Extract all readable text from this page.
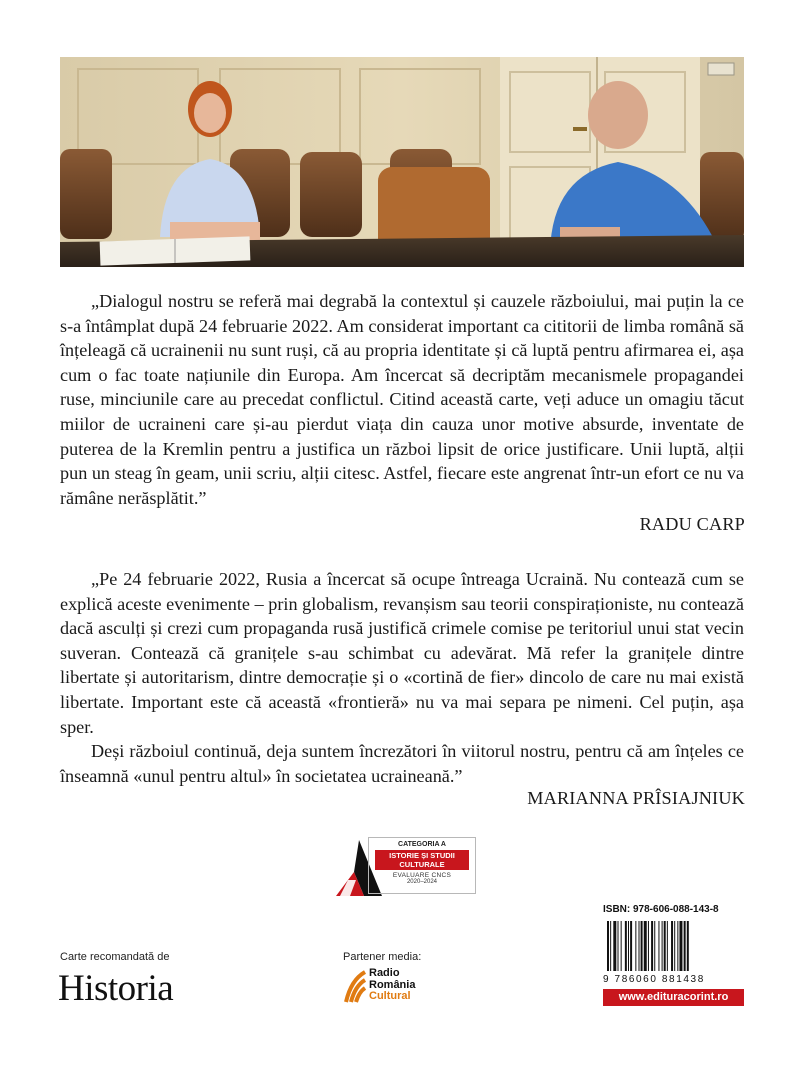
„Dialogul nostru se referă mai degrabă la contextul și cauzele războiului, mai puțin la ce s-a întâmplat după 24 februarie 2022. Am considerat important ca cititorii de limba română să înțeleagă că ucrainenii nu sunt ruși, că au propria identitate și că luptă pentru afirmarea ei, așa cum o fac toate națiunile din Europa. Am încercat să decriptăm mecanismele propagandei ruse, minciunile care au precedat conflictul. Citind această carte, veți aduce un omagiu tăcut miilor de ucraineni care și-au pierdut viața din cauza unor motive absurde, inventate de puterea de la Kremlin pentru a justifica un război lipsit de orice justificare. Unii luptă, alții pun un steag în geam, unii scriu, alții citesc. Astfel, fiecare este angrenat într-un efort ce nu va rămâne nerăsplătit.”

RADU CARP

„Pe 24 februarie 2022, Rusia a încercat să ocupe întreaga Ucraină. Nu contează cum se explică aceste evenimente – prin globalism, revanșism sau teorii conspiraționiste, nu contează dacă asculți și crezi cum propaganda rusă justifică crimele comise pe teritoriul unui stat vecin suveran. Contează că granițele s-au schimbat cu adevărat. Mă refer la granițele dintre libertate și autoritarism, dintre democrație și o «cortină de fier» dincolo de care nu mai există libertate. Important este că această «frontieră» nu va mai separa pe nimeni. Cel puțin, așa sper.

Deși războiul continuă, deja suntem încrezători în viitorul nostru, pentru că am înțeles ce înseamnă «unul pentru altul» în societatea ucraineană.”

MARIANNA PRÎSIAJNIUK

CATEGORIA A
ISTORIE ȘI STUDII CULTURALE
EVALUARE CNCS
2020–2024
Carte recomandată de
Historia
Partener media:
Radio
România
Cultural
ISBN: 978-606-088-143-8
9 786060 881438
www.edituracorint.ro
